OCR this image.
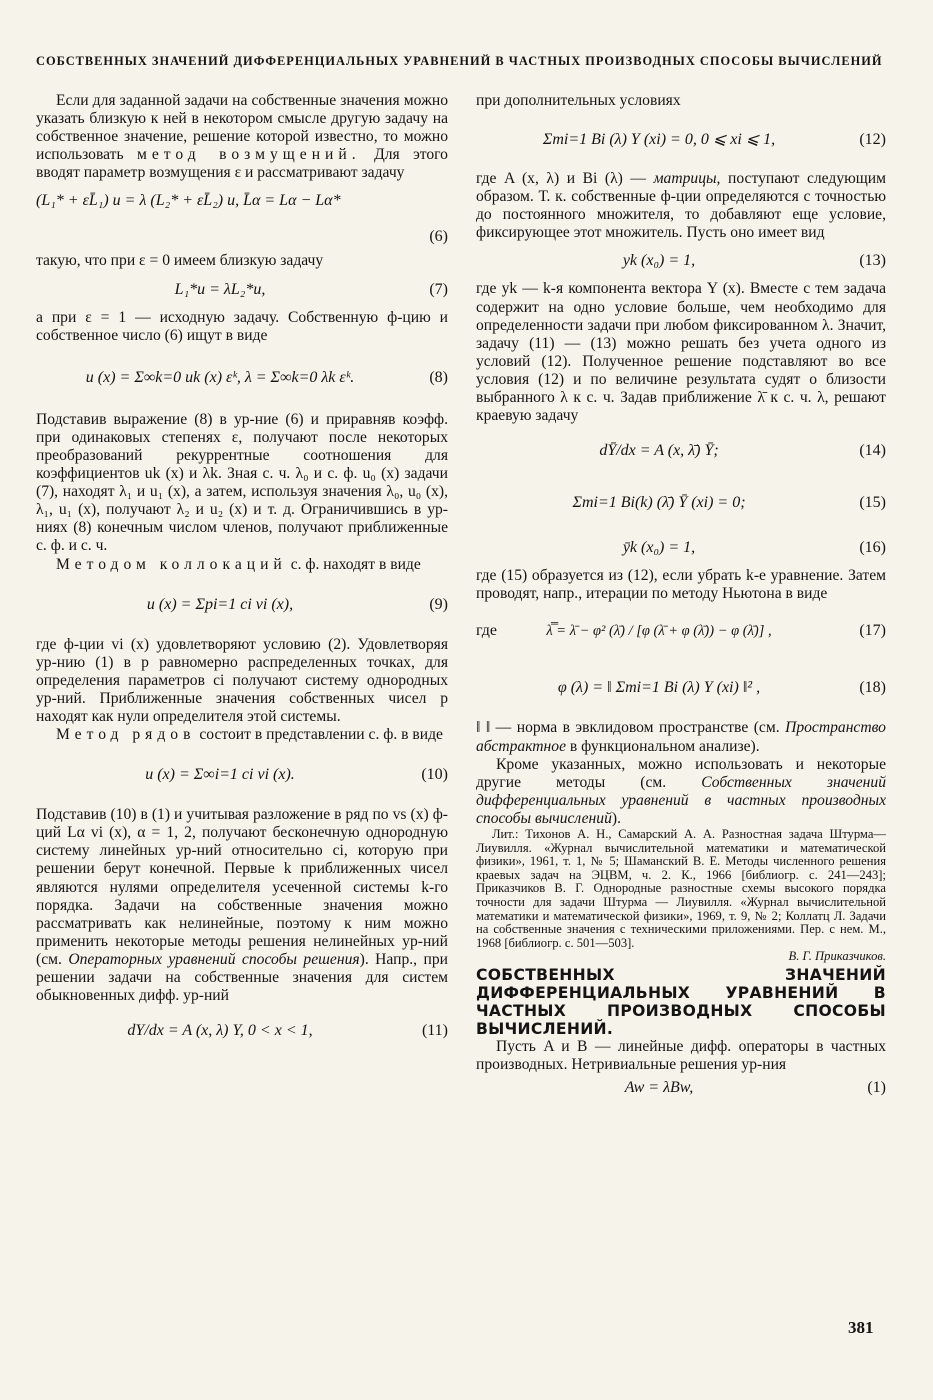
СОБСТВЕННЫХ ЗНАЧЕНИЙ ДИФФЕРЕНЦИАЛЬНЫХ УРАВНЕНИЙ В ЧАСТНЫХ ПРОИЗВОДНЫХ СПОСОБЫ ВЫЧИСЛЕНИЙ

Если для заданной задачи на собственные значения можно указать близкую к ней в некотором смысле другую задачу на собственное значение, решение которой известно, то можно использовать метод возмущений. Для этого вводят параметр возмущения ε и рассматривают задачу

(L₁* + εL̄₁) u = λ (L₂* + εL̄₂) u, L̄α = Lα − Lα*
(6)

такую, что при ε = 0 имеем близкую задачу

L₁*u = λL₂*u,	(7)

а при ε = 1 — исходную задачу. Собственную ф-цию и собственное число (6) ищут в виде

u (x) = Σ∞k=0 uk (x) εᵏ, λ = Σ∞k=0 λk εᵏ.	(8)

Подставив выражение (8) в ур-ние (6) и приравняв коэфф. при одинаковых степенях ε, получают после некоторых преобразований рекуррентные соотношения для коэффициентов uk (x) и λk. Зная с. ч. λ₀ и с. ф. u₀ (x) задачи (7), находят λ₁ и u₁ (x), а затем, используя значения λ₀, u₀ (x), λ₁, u₁ (x), получают λ₂ и u₂ (x) и т. д. Ограничившись в ур-ниях (8) конечным числом членов, получают приближенные с. ф. и с. ч.

Методом коллокаций с. ф. находят в виде

u (x) = Σpi=1 ci vi (x),	(9)

где ф-ции vi (x) удовлетворяют условию (2). Удовлетворяя ур-нию (1) в p равномерно распределенных точках, для определения параметров ci получают систему однородных ур-ний. Приближенные значения собственных чисел p находят как нули определителя этой системы.

Метод рядов состоит в представлении с. ф. в виде

u (x) = Σ∞i=1 ci vi (x).	(10)

Подставив (10) в (1) и учитывая разложение в ряд по vs (x) ф-ций Lα vi (x), α = 1, 2, получают бесконечную однородную систему линейных ур-ний относительно ci, которую при решении берут конечной. Первые k приближенных чисел являются нулями определителя усеченной системы k-го порядка. Задачи на собственные значения можно рассматривать как нелинейные, поэтому к ним можно применить некоторые методы решения нелинейных ур-ний (см. Операторных уравнений способы решения). Напр., при решении задачи на собственные значения для систем обыкновенных дифф. ур-ний

dY/dx = A (x, λ) Y, 0 < x < 1,	(11)

при дополнительных условиях

Σmi=1 Bi (λ) Y (xi) = 0, 0 ⩽ xi ⩽ 1,	(12)

где A (x, λ) и Bi (λ) — матрицы, поступают следующим образом. Т. к. собственные ф-ции определяются с точностью до постоянного множителя, то добавляют еще условие, фиксирующее этот множитель. Пусть оно имеет вид

yk (x₀) = 1,	(13)

где yk — k-я компонента вектора Y (x). Вместе с тем задача содержит на одно условие больше, чем необходимо для определенности задачи при любом фиксированном λ. Значит, задачу (11) — (13) можно решать без учета одного из условий (12). Полученное решение подставляют во все условия (12) и по величине результата судят о близости выбранного λ к с. ч. Задав приближение λ̄ к с. ч. λ, решают краевую задачу

dȲ/dx = A (x, λ̄) Ȳ;	(14)
Σmi=1 Bi(k) (λ̄) Ȳ (xi) = 0;	(15)
ȳk (x₀) = 1,	(16)

где (15) образуется из (12), если убрать k-е уравнение. Затем проводят, напр., итерации по методу Ньютона в виде

где	λ̿ = λ̄ − φ² (λ̄) / [φ (λ̄ + φ (λ̄)) − φ (λ̄)] ,	(17)
φ (λ) = ‖ Σmi=1 Bi (λ) Y (xi) ‖² ,	(18)

‖ ‖ — норма в эвклидовом пространстве (см. Пространство абстрактное в функциональном анализе).

Кроме указанных, можно использовать и некоторые другие методы (см. Собственных значений дифференциальных уравнений в частных производных способы вычислений).

Лит.: Тихонов А. Н., Самарский А. А. Разностная задача Штурма—Лиувилля. «Журнал вычислительной математики и математической физики», 1961, т. 1, № 5; Шаманский В. Е. Методы численного решения краевых задач на ЭЦВМ, ч. 2. К., 1966 [библиогр. с. 241—243]; Приказчиков В. Г. Однородные разностные схемы высокого порядка точности для задачи Штурма — Лиувилля. «Журнал вычислительной математики и математической физики», 1969, т. 9, № 2; Коллатц Л. Задачи на собственные значения с техническими приложениями. Пер. с нем. М., 1968 [библиогр. с. 501—503].

В. Г. Приказчиков.
СОБСТВЕННЫХ ЗНАЧЕНИЙ ДИФФЕРЕНЦИАЛЬНЫХ УРАВНЕНИЙ В ЧАСТНЫХ ПРОИЗВОДНЫХ СПОСОБЫ ВЫЧИСЛЕНИЙ.

Пусть A и B — линейные дифф. операторы в частных производных. Нетривиальные решения ур-ния

Aw = λBw,	(1)
381
